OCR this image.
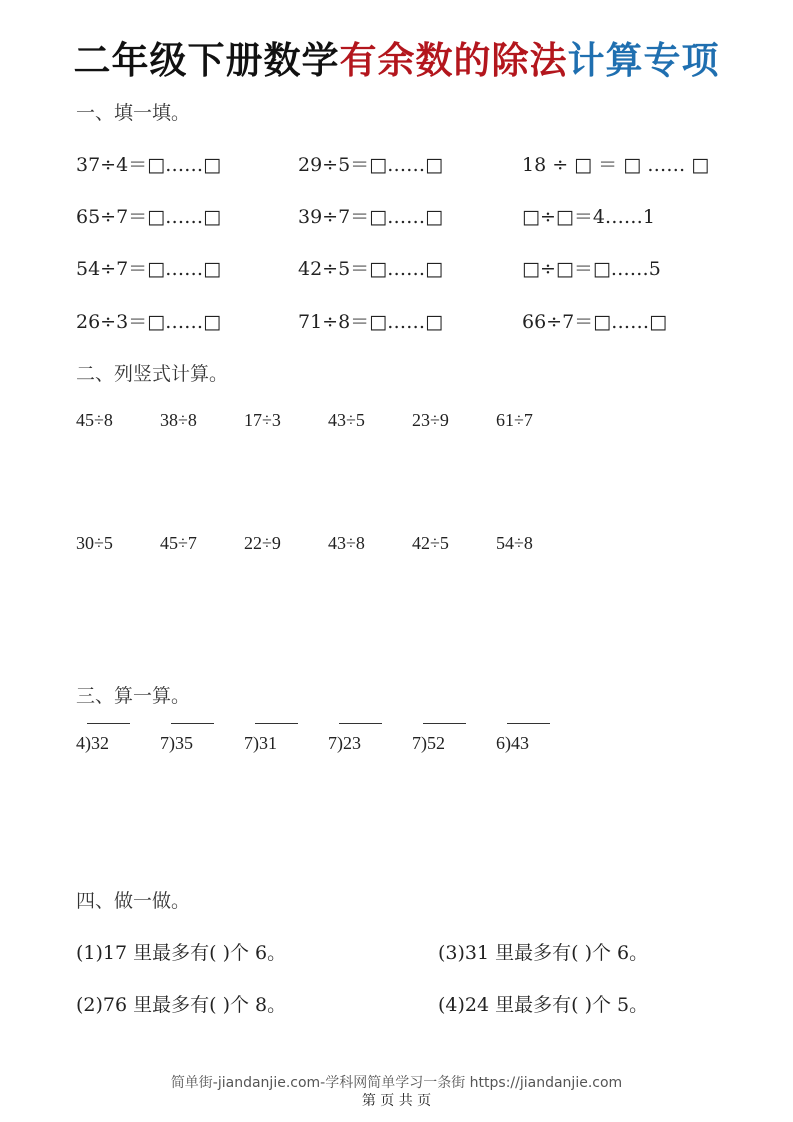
二年级下册数学有余数的除法计算专项
一、填一填。
37÷4＝□……□	29÷5＝□……□	18 ÷ □ ＝ □ …… □
65÷7＝□……□	39÷7＝□……□	□÷□＝4……1
54÷7＝□……□	42÷5＝□……□	□÷□＝□……5
26÷3＝□……□	71÷8＝□……□	66÷7＝□……□
二、列竖式计算。
45÷8	38÷8	17÷3	43÷5	23÷9	61÷7
30÷5	45÷7	22÷9	43÷8	42÷5	54÷8
三、算一算。
4)32	7)35	7)31	7)23	7)52	6)43
四、做一做。
(1)17 里最多有( )个 6。	(3)31 里最多有( )个 6。
(2)76 里最多有( )个 8。	(4)24 里最多有( )个 5。
简单街-jiandanjie.com-学科网简单学习一条街 https://jiandanjie.com
第 页 共 页
